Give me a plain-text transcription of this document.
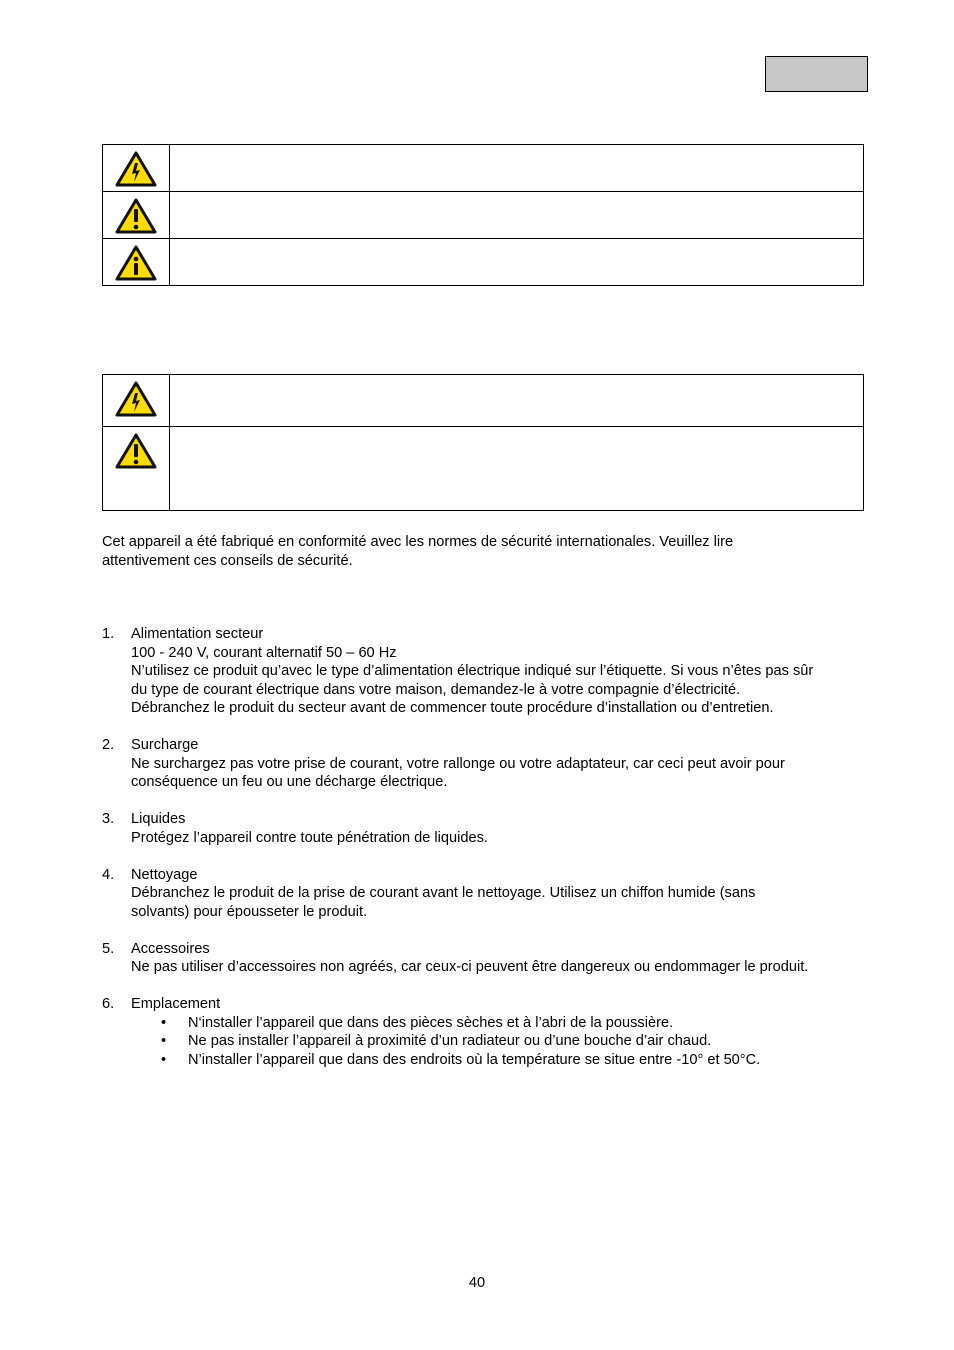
Cet appareil a été fabriqué en conformité avec les normes de sécurité internationales. Veuillez lire
attentivement ces conseils de sécurité.
1. Alimentation secteur
100 - 240 V, courant alternatif 50 – 60 Hz
N’utilisez ce produit qu’avec le type d’alimentation électrique indiqué sur l’étiquette. Si vous n’êtes pas sûr
du type de courant électrique dans votre maison, demandez-le à votre compagnie d’électricité.
Débranchez le produit du secteur avant de commencer toute procédure d’installation ou d’entretien.
2. Surcharge
Ne surchargez pas votre prise de courant, votre rallonge ou votre adaptateur, car ceci peut avoir pour
conséquence un feu ou une décharge électrique.
3. Liquides
Protégez l’appareil contre toute pénétration de liquides.
4. Nettoyage
Débranchez le produit de la prise de courant avant le nettoyage. Utilisez un chiffon humide (sans
solvants) pour épousseter le produit.
5. Accessoires
Ne pas utiliser d’accessoires non agréés, car ceux-ci peuvent être dangereux ou endommager le produit.
6. Emplacement
• N‘installer l’appareil que dans des pièces sèches et à l’abri de la poussière.
• Ne pas installer l’appareil à proximité d’un radiateur ou d’une bouche d’air chaud.
• N’installer l’appareil que dans des endroits où la température se situe entre -10° et 50°C.
40
